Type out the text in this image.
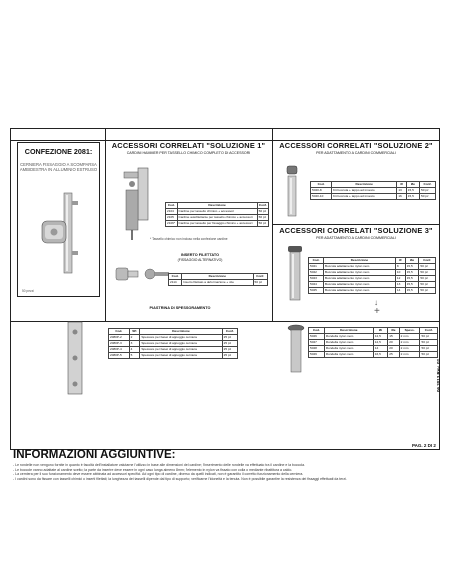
CONFEZIONE 2081:
CERNIERA FISSAGGIO A SCOMPARSA AMBIDESTRA IN ALLUMINIO ESTRUSO
50 pezzi
ACCESSORI CORRELATI "SOLUZIONE 1"
CARDINI HAMMER PER TASSELLO CHIMICO COMPLETO DI ACCESSORI
Cod.	Descrizione	Conf.
2104	Cardine per tassello chimico + accessori	50 pz
2105	Cardine autofilettante per tassello chimico + accessori	50 pz
2106*	Cardine per tassello per fissaggio chimico + accessori	50 pz
* Tassello chimico non incluso nella confezione cardine
INSERTO FILETTATO
(FISSAGGIO ALTERNATIVO)
Cod.	Descrizione	Conf.
2114	Inserto filettato a deformazione + vite	50 pz
PIASTRINA DI SPESSORAMENTO
Cod.	SP.	Descrizione	Conf.
2080P-2	2	Spessore per basei di appoggio cerniera	25 pz
2080P-3	3	Spessore per basei di appoggio cerniera	25 pz
2080P-4	4	Spessore per basei di appoggio cerniera	25 pz
2080P-5	5	Spessore per basei di appoggio cerniera	25 pz
ACCESSORI CORRELATI "SOLUZIONE 2"
PER ADATTAMENTO A CARDINI COMMERCIALI
Cod.	Descrizione	Ø	Øe	Conf.
5020-8	Kit boccola + tappo ad innesto	13	15,5	50 pz
5020-10	Kit boccola + tappo ad innesto	16	15,5	50 pz
ACCESSORI CORRELATI "SOLUZIONE 3"
PER ADATTAMENTO A CARDINI COMMERCIALI
Cod.	Descrizione	Ø	Øe	Conf.
5021	Boccola adattamento nylon nero	8	15,5	50 pz
5022	Boccola adattamento nylon nero	10	15,5	50 pz
5023	Boccola adattamento nylon nero	12	15,5	50 pz
5024	Boccola adattamento nylon nero	13	15,5	50 pz
5025	Boccola adattamento nylon nero	14	15,5	50 pz
↓
+
Cod.	Descrizione	Øi	Øe	Spess.	Conf.
5026	Rondella nylon nero	12,5	15	2 mm	50 pz
5027	Rondella nylon nero	12,5	20	2 mm	50 pz
5028	Rondella nylon nero	14	20	2 mm	50 pz
5029	Rondella nylon nero	16,5	25	2 mm	50 pz
INFORMAZIONI AGGIUNTIVE:
- Le rondelle non vengono fornite in quanto è facoltà dell'installatore valutarne l'utilizzo in base alle dimensioni del cardine; l'inserimento delle rondelle va effettuato tra il cardine e la boccola.
- Le boccole vanno adattate al cardine scelto; la parte da inserire deve essere in ogni caso lunga almeno 8mm; l'elemento in nylon va fissato con colla o mediante ribattitura a caldo.
- La cerniera per il suo funzionamento deve essere abbinata ad accessori specifici. Ad ogni tipo di cardine, diverso da quelli indicati, non è garantito il corretto funzionamento della cerniera.
- I cardini sono da fissare con tasselli chimici o inserti filettati; la lunghezza dei tasselli dipende dal tipo di supporto; verificarne l'idoneità e la tenuta. Non è possibile garantire la resistenza dei fissaggi effettuati da terzi.
06.2013 Rev. 02
PAG. 2 DI 2
